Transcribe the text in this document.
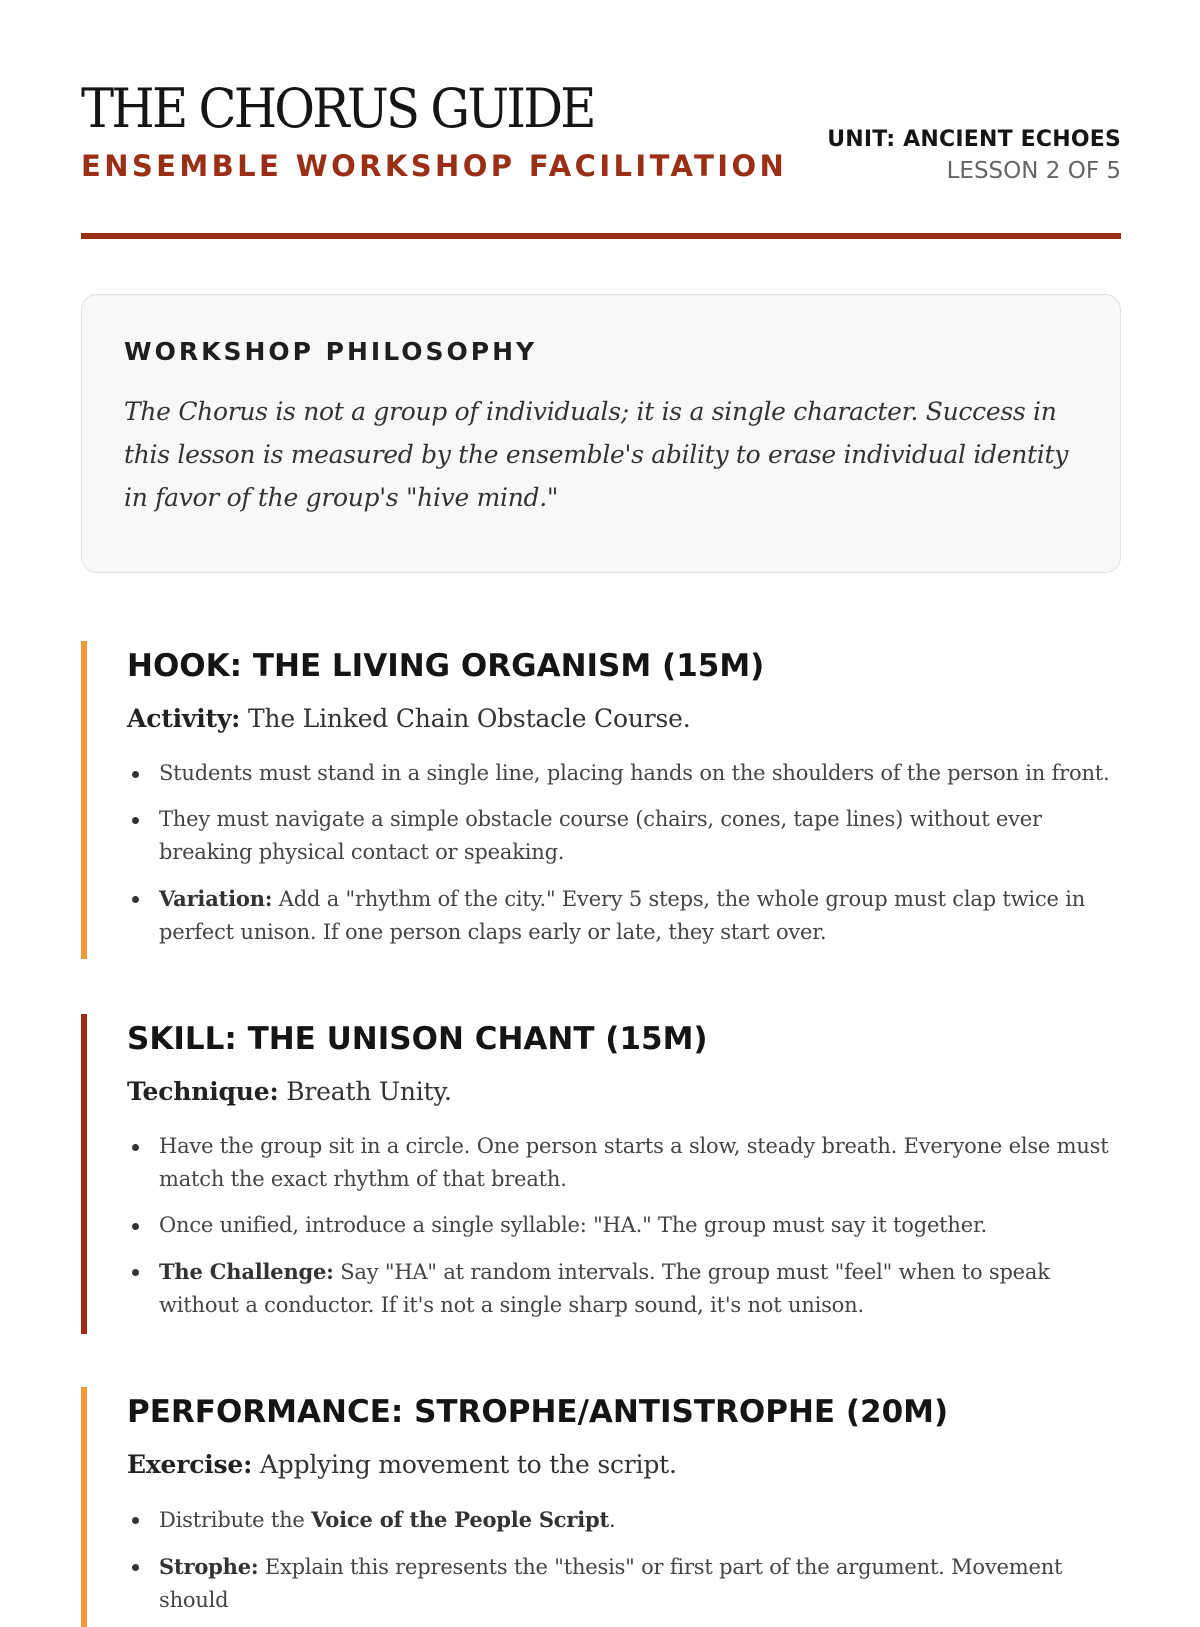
THE CHORUS GUIDE
ENSEMBLE WORKSHOP FACILITATION
UNIT: ANCIENT ECHOES
LESSON 2 OF 5
WORKSHOP PHILOSOPHY
The Chorus is not a group of individuals; it is a single character. Success in this lesson is measured by the ensemble's ability to erase individual identity in favor of the group's "hive mind."
HOOK: THE LIVING ORGANISM (15M)
Activity: The Linked Chain Obstacle Course.
Students must stand in a single line, placing hands on the shoulders of the person in front.
They must navigate a simple obstacle course (chairs, cones, tape lines) without ever breaking physical contact or speaking.
Variation: Add a "rhythm of the city." Every 5 steps, the whole group must clap twice in perfect unison. If one person claps early or late, they start over.
SKILL: THE UNISON CHANT (15M)
Technique: Breath Unity.
Have the group sit in a circle. One person starts a slow, steady breath. Everyone else must match the exact rhythm of that breath.
Once unified, introduce a single syllable: "HA." The group must say it together.
The Challenge: Say "HA" at random intervals. The group must "feel" when to speak without a conductor. If it's not a single sharp sound, it's not unison.
PERFORMANCE: STROPHE/ANTISTROPHE (20M)
Exercise: Applying movement to the script.
Distribute the Voice of the People Script.
Strophe: Explain this represents the "thesis" or first part of the argument. Movement should
